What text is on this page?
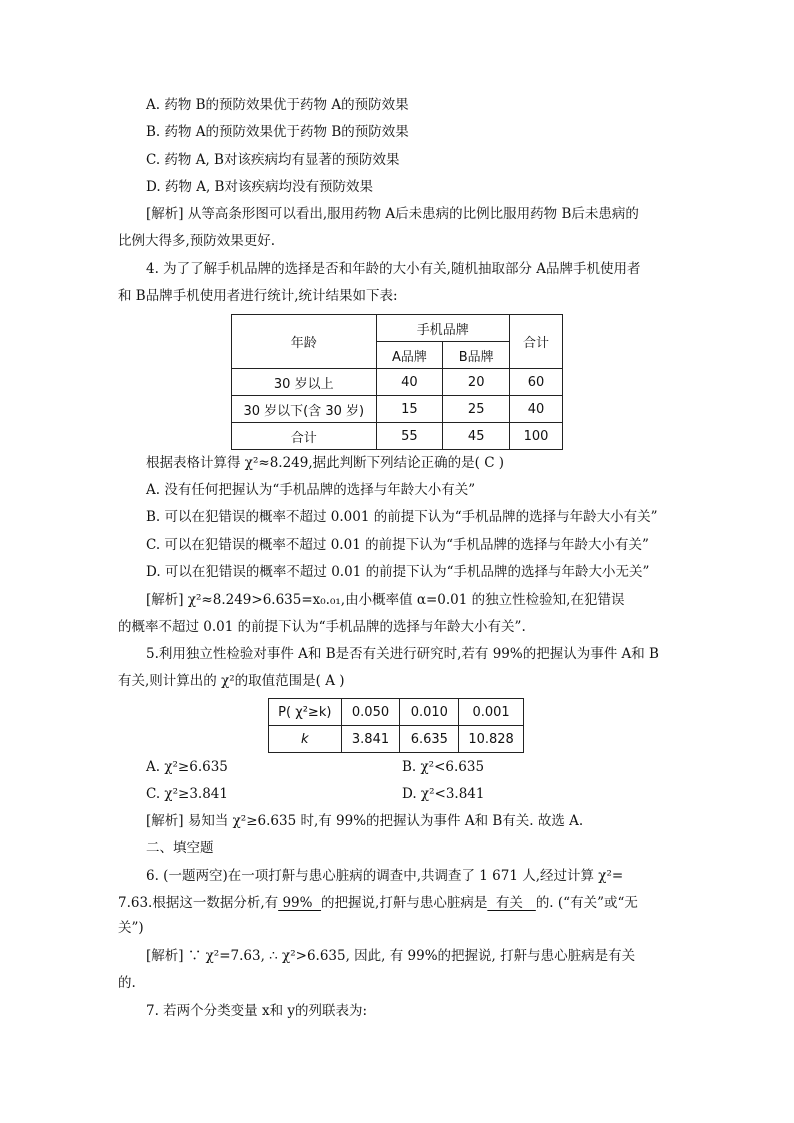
A. 药物 B的预防效果优于药物 A的预防效果
B. 药物 A的预防效果优于药物 B的预防效果
C. 药物 A, B对该疾病均有显著的预防效果
D. 药物 A, B对该疾病均没有预防效果
[解析] 从等高条形图可以看出,服用药物 A后未患病的比例比服用药物 B后未患病的
比例大得多,预防效果更好.
4. 为了了解手机品牌的选择是否和年龄的大小有关,随机抽取部分 A品牌手机使用者
和 B品牌手机使用者进行统计,统计结果如下表:
年龄	手机品牌		合计
	A品牌	B品牌	
30 岁以上	40	20	60
30 岁以下(含 30 岁)	15	25	40
合计	55	45	100
根据表格计算得 χ²≈8.249,据此判断下列结论正确的是( C )
A. 没有任何把握认为“手机品牌的选择与年龄大小有关”
B. 可以在犯错误的概率不超过 0.001 的前提下认为“手机品牌的选择与年龄大小有关”
C. 可以在犯错误的概率不超过 0.01 的前提下认为“手机品牌的选择与年龄大小有关”
D. 可以在犯错误的概率不超过 0.01 的前提下认为“手机品牌的选择与年龄大小无关”
[解析] χ²≈8.249>6.635=x₀.₀₁,由小概率值 α=0.01 的独立性检验知,在犯错误
的概率不超过 0.01 的前提下认为“手机品牌的选择与年龄大小有关”.
5.利用独立性检验对事件 A和 B是否有关进行研究时,若有 99%的把握认为事件 A和 B
有关,则计算出的 χ²的取值范围是( A )
P( χ²≥k)	0.050	0.010	0.001
k	3.841	6.635	10.828
A. χ²≥6.635	B. χ²<6.635
C. χ²≥3.841	D. χ²<3.841
[解析] 易知当 χ²≥6.635 时,有 99%的把握认为事件 A和 B有关. 故选 A.
二、填空题
6. (一题两空)在一项打鼾与患心脏病的调查中,共调查了 1 671 人,经过计算 χ²=
7.63.根据这一数据分析,有 99%  的把握说,打鼾与患心脏病是  有关   的. (“有关”或“无
关”)
[解析] ∵ χ²=7.63, ∴ χ²>6.635, 因此, 有 99%的把握说, 打鼾与患心脏病是有关
的.
7. 若两个分类变量 x和 y的列联表为:
